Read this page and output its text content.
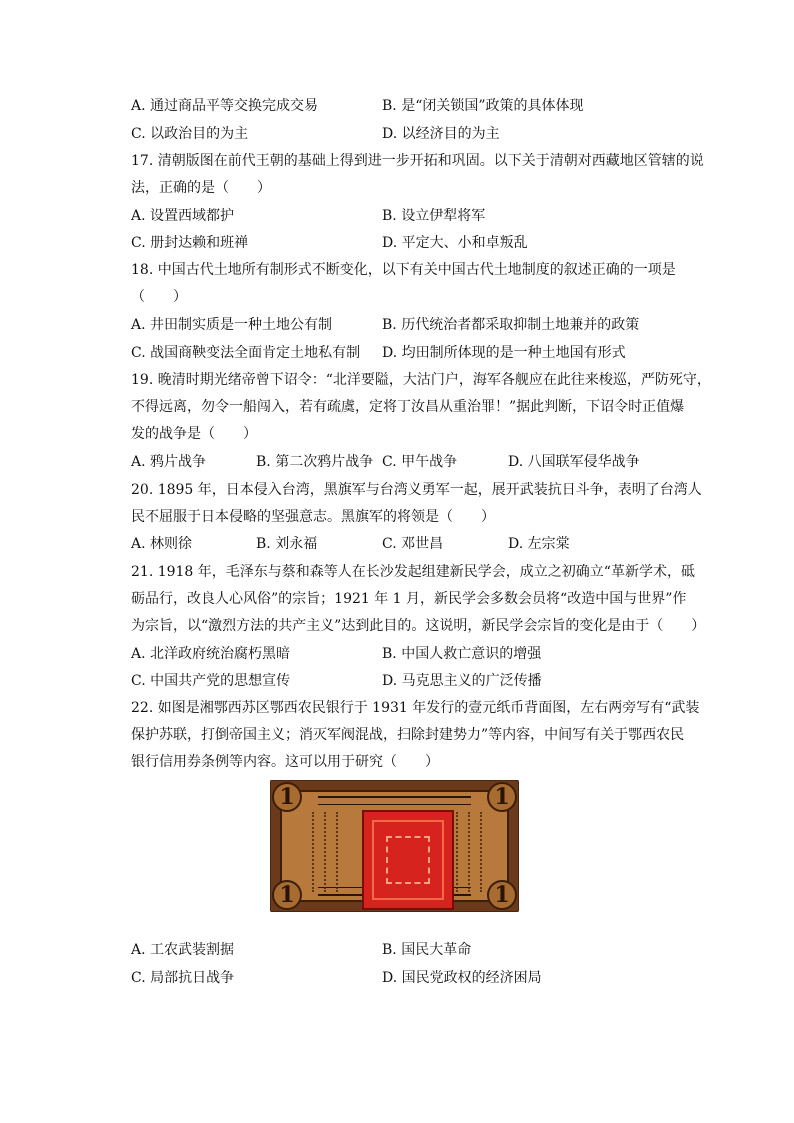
A. 通过商品平等交换完成交易	B. 是“闭关锁国”政策的具体体现
C. 以政治目的为主	D. 以经济目的为主
17. 清朝版图在前代王朝的基础上得到进一步开拓和巩固。以下关于清朝对西藏地区管辖的说
法，正确的是（　　）
A. 设置西域都护	B. 设立伊犁将军
C. 册封达赖和班禅	D. 平定大、小和卓叛乱
18. 中国古代土地所有制形式不断变化，以下有关中国古代土地制度的叙述正确的一项是
（　　）
A. 井田制实质是一种土地公有制	B. 历代统治者都采取抑制土地兼并的政策
C. 战国商鞅变法全面肯定土地私有制 D. 均田制所体现的是一种土地国有形式
19. 晚清时期光绪帝曾下诏令：“北洋要隘，大沽门户，海军各舰应在此往来梭巡，严防死守，
不得远离，勿令一船闯入，若有疏虞，定将丁汝昌从重治罪！”据此判断，下诏令时正值爆
发的战争是（　　）
A. 鸦片战争	B. 第二次鸦片战争 C. 甲午战争	D. 八国联军侵华战争
20. 1895 年，日本侵入台湾，黑旗军与台湾义勇军一起，展开武装抗日斗争，表明了台湾人
民不屈服于日本侵略的坚强意志。黑旗军的将领是（　　）
A. 林则徐	B. 刘永福	C. 邓世昌	D. 左宗棠
21. 1918 年，毛泽东与蔡和森等人在长沙发起组建新民学会，成立之初确立“革新学术，砥
砺品行，改良人心风俗”的宗旨；1921 年 1 月，新民学会多数会员将“改造中国与世界”作
为宗旨，以“激烈方法的共产主义”达到此目的。这说明，新民学会宗旨的变化是由于（　　）
A. 北洋政府统治腐朽黑暗	B. 中国人救亡意识的增强
C. 中国共产党的思想宣传	D. 马克思主义的广泛传播
22. 如图是湘鄂西苏区鄂西农民银行于 1931 年发行的壹元纸币背面图，左右两旁写有“武装
保护苏联，打倒帝国主义；消灭军阀混战，扫除封建势力”等内容，中间写有关于鄂西农民
银行信用券条例等内容。这可以用于研究（　　）
1	1
1	1
A. 工农武装割据	B. 国民大革命
C. 局部抗日战争	D. 国民党政权的经济困局
